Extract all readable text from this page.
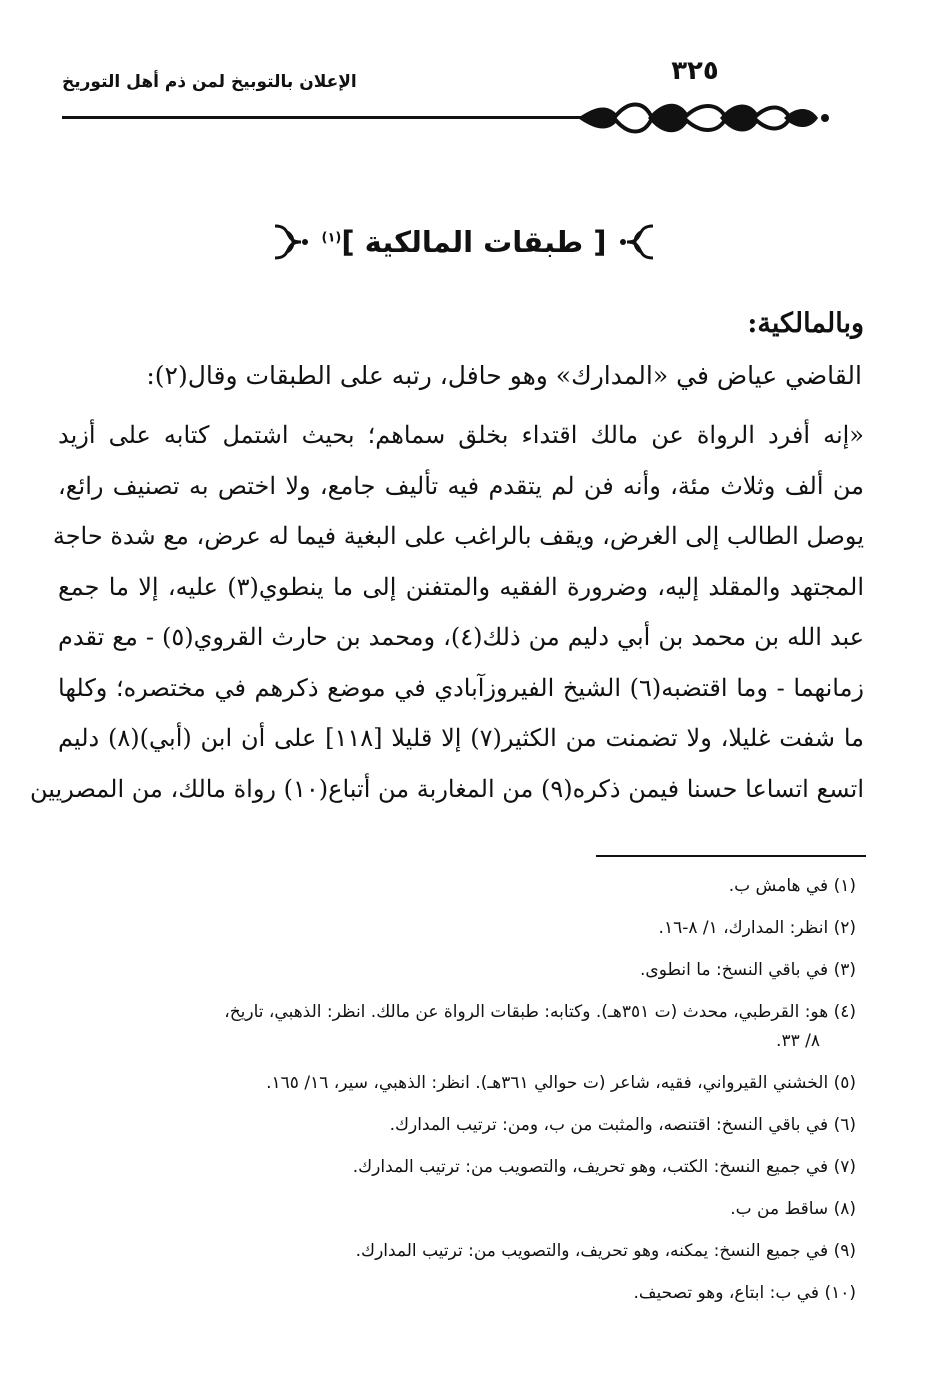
الإعلان بالتوبيخ لمن ذم أهل التوريخ	٣٢٥
[ طبقات المالكية ]$^{(١)}$
وبالمالكية:
القاضي عياض في «المدارك» وهو حافل، رتبه على الطبقات وقال(٢):
«إنه أفرد الرواة عن مالك اقتداء بخلق سماهم؛ بحيث اشتمل كتابه على أزيد
من ألف وثلاث مئة، وأنه فن لم يتقدم فيه تأليف جامع، ولا اختص به تصنيف رائع،
يوصل الطالب إلى الغرض، ويقف بالراغب على البغية فيما له عرض، مع شدة حاجة
المجتهد والمقلد إليه، وضرورة الفقيه والمتفنن إلى ما ينطوي(٣) عليه، إلا ما جمع
عبد الله بن محمد بن أبي دليم من ذلك(٤)، ومحمد بن حارث القروي(٥) - مع تقدم
زمانهما - وما اقتضبه(٦) الشيخ الفيروزآبادي في موضع ذكرهم في مختصره؛ وكلها
ما شفت غليلا، ولا تضمنت من الكثير(٧) إلا قليلا [١١٨] على أن ابن (أبي)(٨) دليم
اتسع اتساعا حسنا فيمن ذكره(٩) من المغاربة من أتباع(١٠) رواة مالك، من المصريين
(١) في هامش ب.
(٢) انظر: المدارك، ١/ ٨-١٦.
(٣) في باقي النسخ: ما انطوى.
(٤) هو: القرطبي، محدث (ت ٣٥١هـ). وكتابه: طبقات الرواة عن مالك. انظر: الذهبي، تاريخ،
٨/ ٣٣.
(٥) الخشني القيرواني، فقيه، شاعر (ت حوالي ٣٦١هـ). انظر: الذهبي، سير، ١٦/ ١٦٥.
(٦) في باقي النسخ: اقتنصه، والمثبت من ب، ومن: ترتيب المدارك.
(٧) في جميع النسخ: الكتب، وهو تحريف، والتصويب من: ترتيب المدارك.
(٨) ساقط من ب.
(٩) في جميع النسخ: يمكنه، وهو تحريف، والتصويب من: ترتيب المدارك.
(١٠) في ب: ابتاع، وهو تصحيف.
